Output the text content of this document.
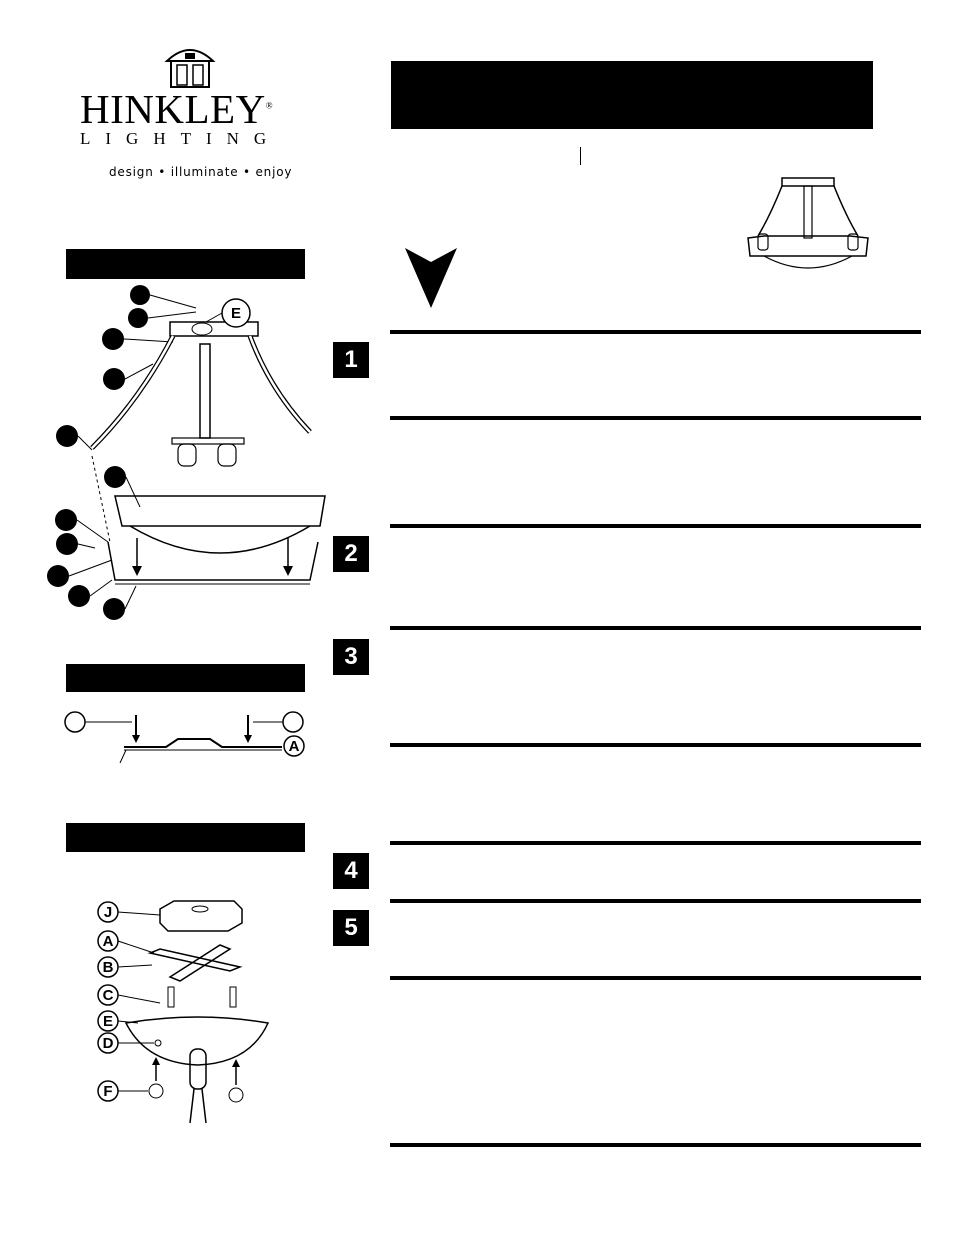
HINKLEY®
LIGHTING
design • illuminate • enjoy
E
A
J
A
B
C
E
D
F
1
2
3
4
5
